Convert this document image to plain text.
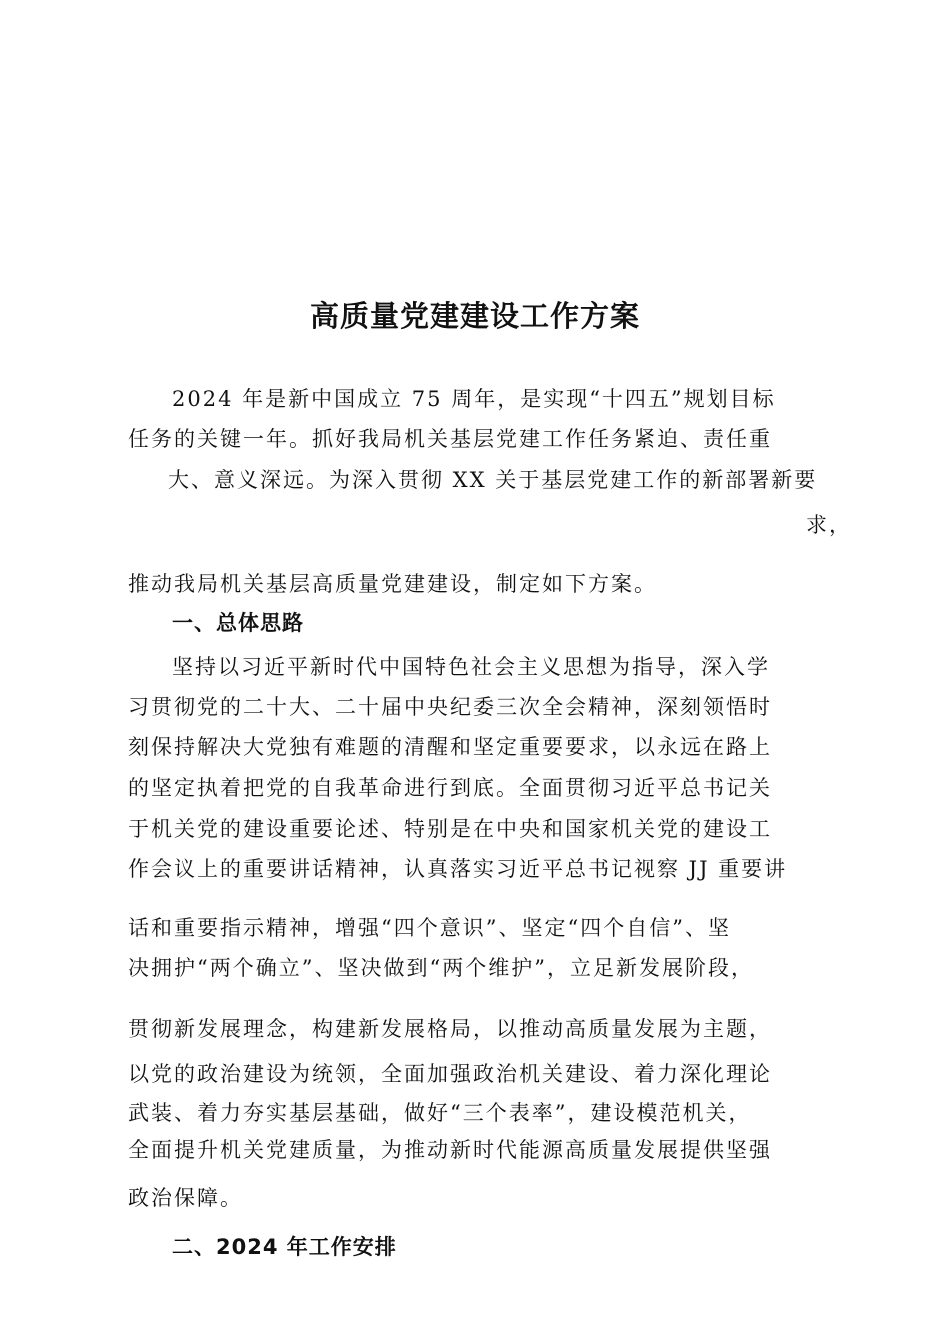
高质量党建建设工作方案
2024 年是新中国成立 75 周年，是实现“十四五”规划目标
任务的关键一年。抓好我局机关基层党建工作任务紧迫、责任重
大、意义深远。为深入贯彻 XX 关于基层党建工作的新部署新要
求，
推动我局机关基层高质量党建建设，制定如下方案。
一、总体思路
坚持以习近平新时代中国特色社会主义思想为指导，深入学
习贯彻党的二十大、二十届中央纪委三次全会精神，深刻领悟时
刻保持解决大党独有难题的清醒和坚定重要要求，以永远在路上
的坚定执着把党的自我革命进行到底。全面贯彻习近平总书记关
于机关党的建设重要论述、特别是在中央和国家机关党的建设工
作会议上的重要讲话精神，认真落实习近平总书记视察 JJ 重要讲
话和重要指示精神，增强“四个意识”、坚定“四个自信”、坚
决拥护“两个确立”、坚决做到“两个维护”，立足新发展阶段，
贯彻新发展理念，构建新发展格局，以推动高质量发展为主题，
以党的政治建设为统领，全面加强政治机关建设、着力深化理论
武装、着力夯实基层基础，做好“三个表率”，建设模范机关，
全面提升机关党建质量，为推动新时代能源高质量发展提供坚强
政治保障。
二、2024 年工作安排
